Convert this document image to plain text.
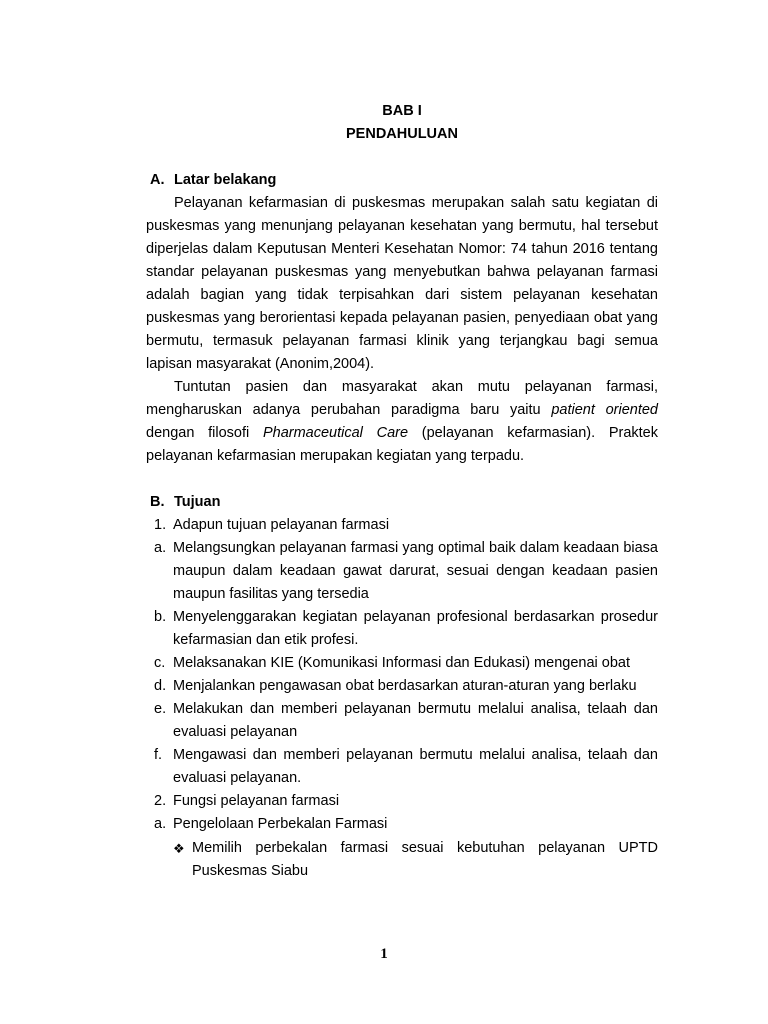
BAB I
PENDAHULUAN
A. Latar belakang

Pelayanan kefarmasian di puskesmas merupakan salah satu kegiatan di puskesmas yang menunjang pelayanan kesehatan yang bermutu, hal tersebut diperjelas dalam Keputusan Menteri Kesehatan Nomor: 74 tahun 2016 tentang standar pelayanan puskesmas yang menyebutkan bahwa pelayanan farmasi adalah bagian yang tidak terpisahkan dari sistem pelayanan kesehatan puskesmas yang berorientasi kepada pelayanan pasien, penyediaan obat yang bermutu, termasuk pelayanan farmasi klinik yang terjangkau bagi semua lapisan masyarakat (Anonim,2004).

Tuntutan pasien dan masyarakat akan mutu pelayanan farmasi, mengharuskan adanya perubahan paradigma baru yaitu patient oriented dengan filosofi Pharmaceutical Care (pelayanan kefarmasian). Praktek pelayanan kefarmasian merupakan kegiatan yang terpadu.

B. Tujuan
1. Adapun tujuan pelayanan farmasi
a. Melangsungkan pelayanan farmasi yang optimal baik dalam keadaan biasa maupun dalam keadaan gawat darurat, sesuai dengan keadaan pasien maupun fasilitas yang tersedia
b. Menyelenggarakan kegiatan pelayanan profesional berdasarkan prosedur kefarmasian dan etik profesi.
c. Melaksanakan KIE (Komunikasi Informasi dan Edukasi) mengenai obat
d. Menjalankan pengawasan obat berdasarkan aturan-aturan yang berlaku
e. Melakukan dan memberi pelayanan bermutu melalui analisa, telaah dan evaluasi pelayanan
f. Mengawasi dan memberi pelayanan bermutu melalui analisa, telaah dan evaluasi pelayanan.
2. Fungsi pelayanan farmasi
a. Pengelolaan Perbekalan Farmasi
❖ Memilih perbekalan farmasi sesuai kebutuhan pelayanan UPTD Puskesmas Siabu
1
